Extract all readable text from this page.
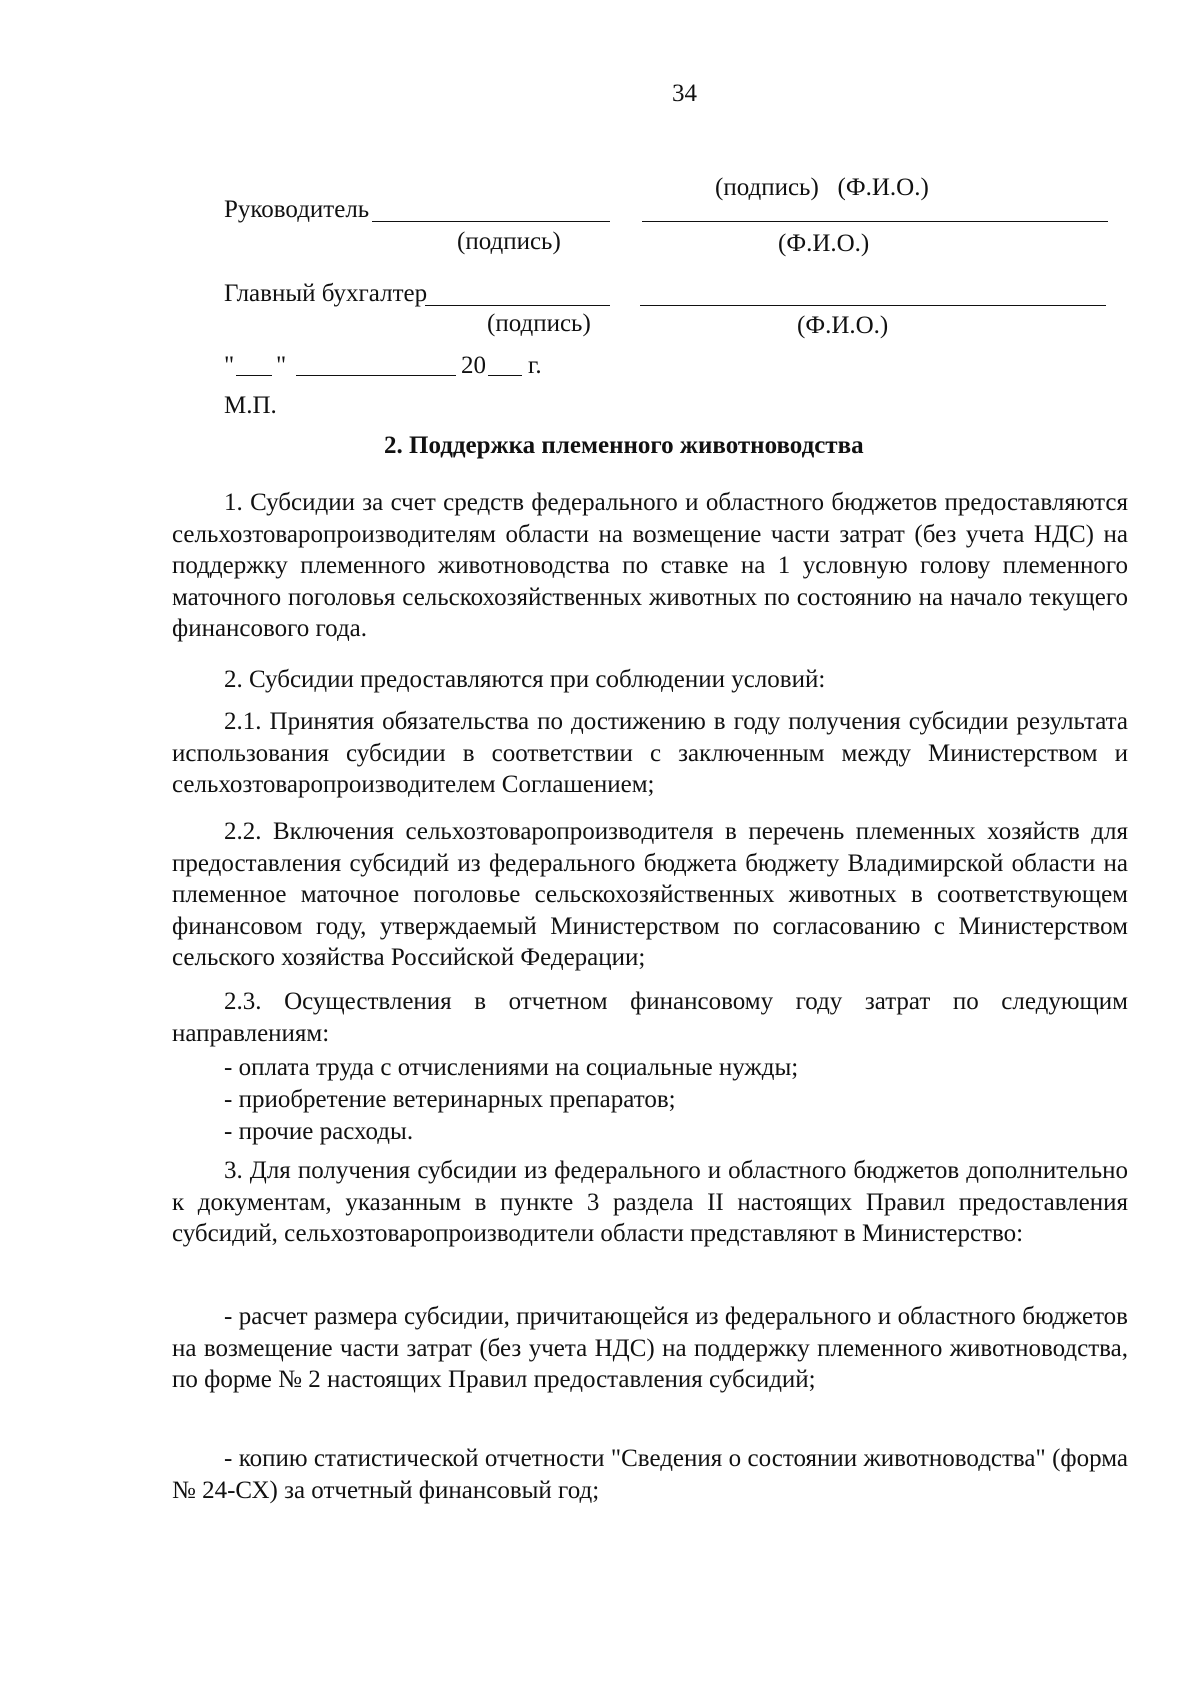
34
(подпись)   (Ф.И.О.)
Руководитель
(подпись)	(Ф.И.О.)
Главный бухгалтер
(подпись)	(Ф.И.О.)
" "	20 г.
М.П.
2. Поддержка племенного животноводства
1. Субсидии за счет средств федерального и областного бюджетов предоставляются сельхозтоваропроизводителям области на возмещение части затрат (без учета НДС) на поддержку племенного животноводства по ставке на 1 условную голову племенного маточного поголовья сельскохозяйственных животных по состоянию на начало текущего финансового года.
2. Субсидии предоставляются при соблюдении условий:
2.1. Принятия обязательства по достижению в году получения субсидии результата использования субсидии в соответствии с заключенным между Министерством и сельхозтоваропроизводителем Соглашением;
2.2. Включения сельхозтоваропроизводителя в перечень племенных хозяйств для предоставления субсидий из федерального бюджета бюджету Владимирской области на племенное маточное поголовье сельскохозяйственных животных в соответствующем финансовом году, утверждаемый Министерством по согласованию с Министерством сельского хозяйства Российской Федерации;
2.3. Осуществления в отчетном финансовому году затрат по следующим направлениям:
- оплата труда с отчислениями на социальные нужды;
- приобретение ветеринарных препаратов;
- прочие расходы.
3. Для получения субсидии из федерального и областного бюджетов дополнительно к документам, указанным в пункте 3 раздела II настоящих Правил предоставления субсидий, сельхозтоваропроизводители области представляют в Министерство:
- расчет размера субсидии, причитающейся из федерального и областного бюджетов на возмещение части затрат (без учета НДС) на поддержку племенного животноводства, по форме № 2 настоящих Правил предоставления субсидий;
- копию статистической отчетности "Сведения о состоянии животноводства" (форма № 24-СХ) за отчетный финансовый год;
